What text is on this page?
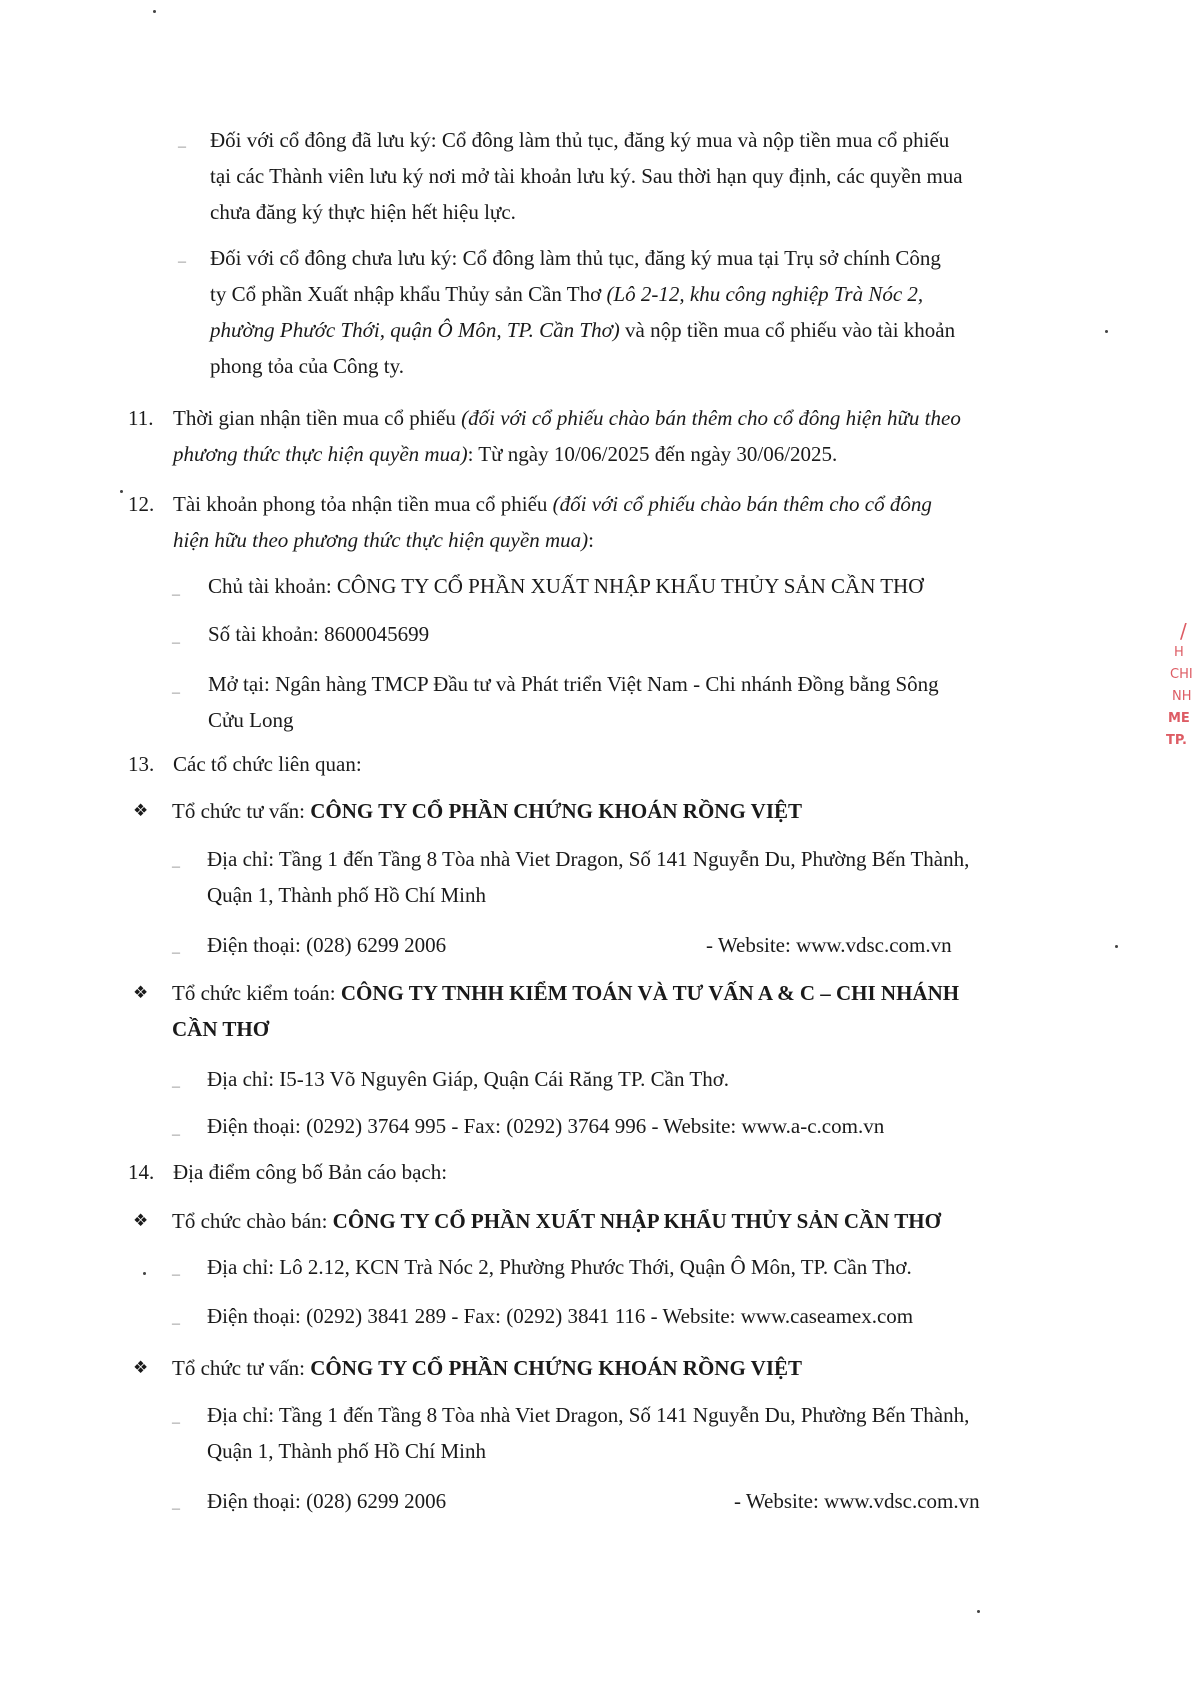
– Đối với cổ đông đã lưu ký: Cổ đông làm thủ tục, đăng ký mua và nộp tiền mua cổ phiếu
tại các Thành viên lưu ký nơi mở tài khoản lưu ký. Sau thời hạn quy định, các quyền mua
chưa đăng ký thực hiện hết hiệu lực.
– Đối với cổ đông chưa lưu ký: Cổ đông làm thủ tục, đăng ký mua tại Trụ sở chính Công
ty Cổ phần Xuất nhập khẩu Thủy sản Cần Thơ (Lô 2-12, khu công nghiệp Trà Nóc 2,
phường Phước Thới, quận Ô Môn, TP. Cần Thơ) và nộp tiền mua cổ phiếu vào tài khoản
phong tỏa của Công ty.
11. Thời gian nhận tiền mua cổ phiếu (đối với cổ phiếu chào bán thêm cho cổ đông hiện hữu theo
phương thức thực hiện quyền mua): Từ ngày 10/06/2025 đến ngày 30/06/2025.
12. Tài khoản phong tỏa nhận tiền mua cổ phiếu (đối với cổ phiếu chào bán thêm cho cổ đông
hiện hữu theo phương thức thực hiện quyền mua):
– Chủ tài khoản: CÔNG TY CỔ PHẦN XUẤT NHẬP KHẨU THỦY SẢN CẦN THƠ
– Số tài khoản: 8600045699
– Mở tại: Ngân hàng TMCP Đầu tư và Phát triển Việt Nam - Chi nhánh Đồng bằng Sông
Cửu Long
13. Các tổ chức liên quan:
❖ Tổ chức tư vấn: CÔNG TY CỔ PHẦN CHỨNG KHOÁN RỒNG VIỆT
– Địa chỉ: Tầng 1 đến Tầng 8 Tòa nhà Viet Dragon, Số 141 Nguyễn Du, Phường Bến Thành,
Quận 1, Thành phố Hồ Chí Minh
– Điện thoại: (028) 6299 2006	- Website: www.vdsc.com.vn
❖ Tổ chức kiểm toán: CÔNG TY TNHH KIỂM TOÁN VÀ TƯ VẤN A & C – CHI NHÁNH
CẦN THƠ
– Địa chỉ: I5-13 Võ Nguyên Giáp, Quận Cái Răng TP. Cần Thơ.
– Điện thoại: (0292) 3764 995 - Fax: (0292) 3764 996 - Website: www.a-c.com.vn
14. Địa điểm công bố Bản cáo bạch:
❖ Tổ chức chào bán: CÔNG TY CỔ PHẦN XUẤT NHẬP KHẨU THỦY SẢN CẦN THƠ
– Địa chỉ: Lô 2.12, KCN Trà Nóc 2, Phường Phước Thới, Quận Ô Môn, TP. Cần Thơ.
– Điện thoại: (0292) 3841 289 - Fax: (0292) 3841 116 - Website: www.caseamex.com
❖ Tổ chức tư vấn: CÔNG TY CỔ PHẦN CHỨNG KHOÁN RỒNG VIỆT
– Địa chỉ: Tầng 1 đến Tầng 8 Tòa nhà Viet Dragon, Số 141 Nguyễn Du, Phường Bến Thành,
Quận 1, Thành phố Hồ Chí Minh
– Điện thoại: (028) 6299 2006	- Website: www.vdsc.com.vn
/
H
CHI
NH
ME
TP.
